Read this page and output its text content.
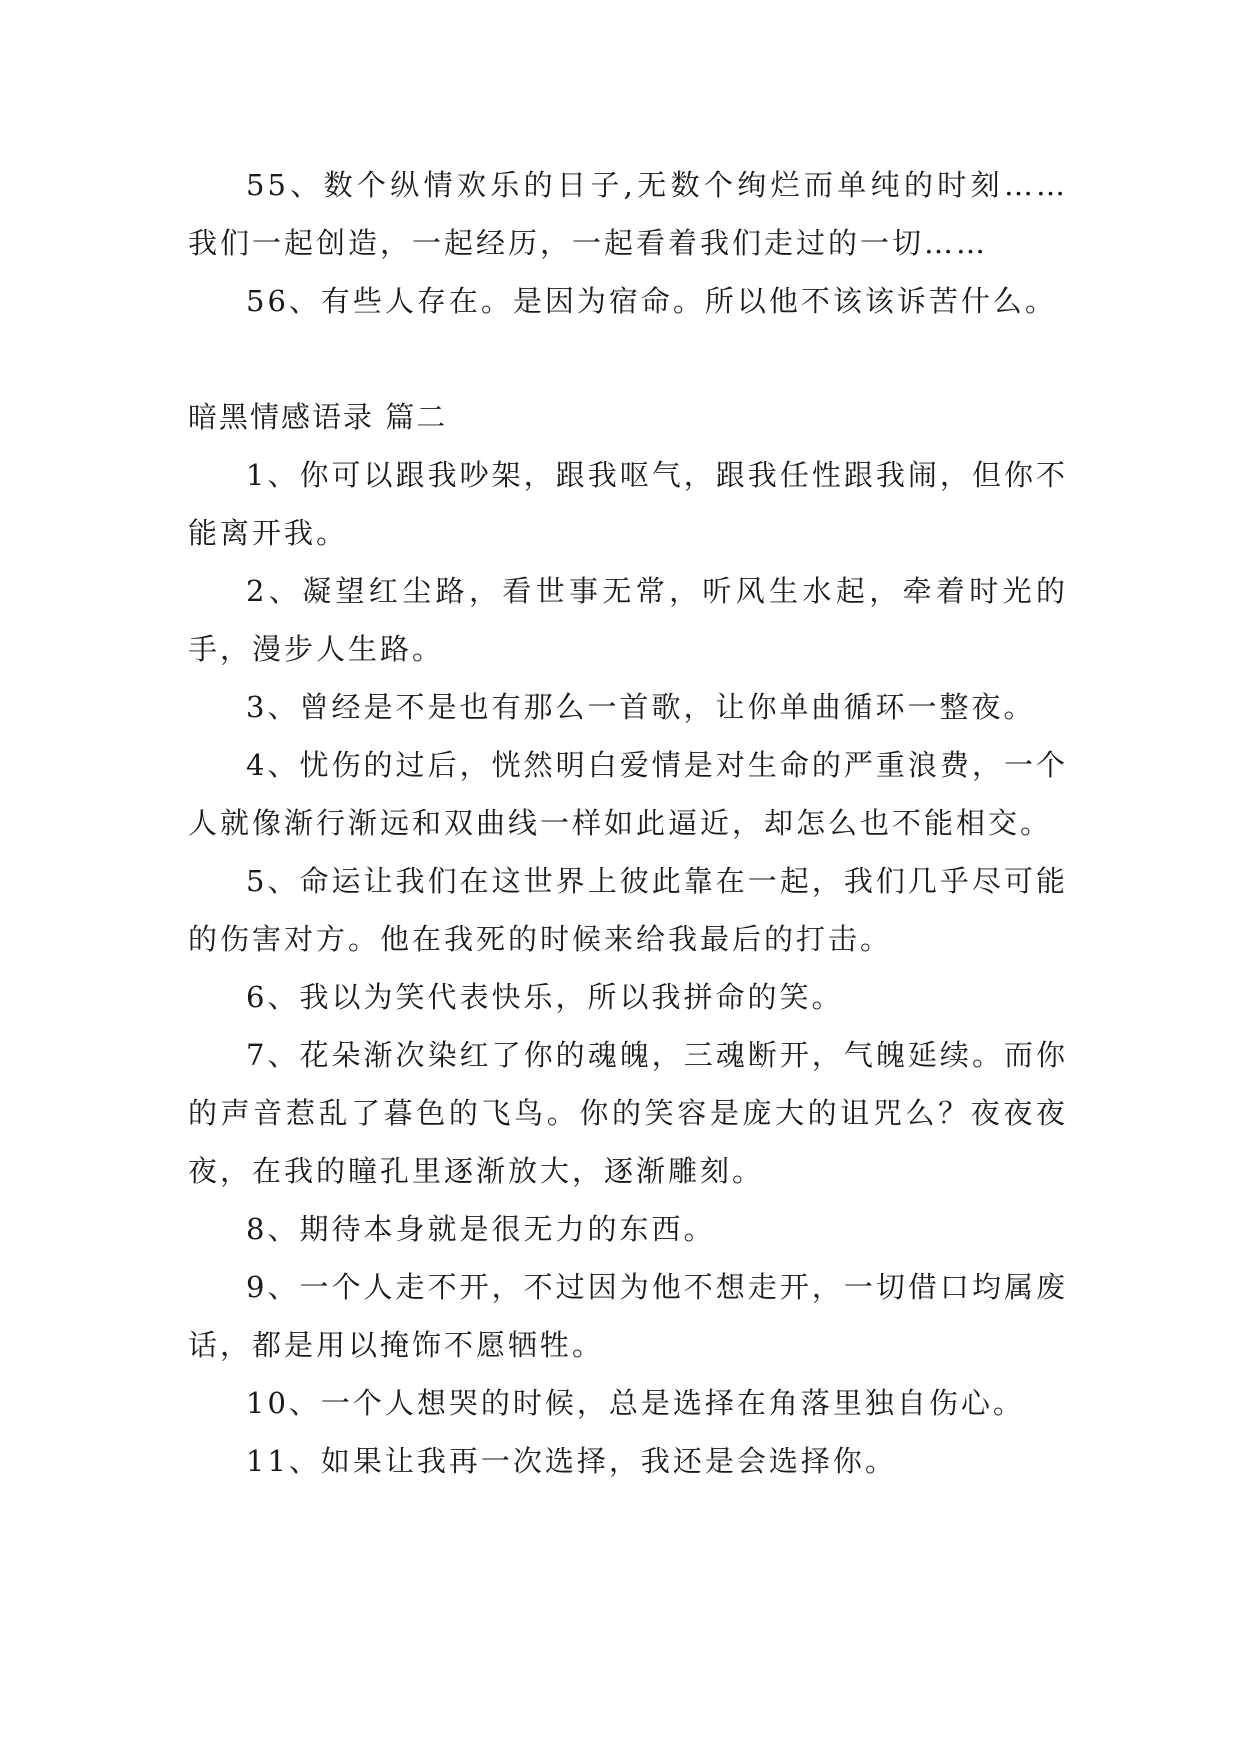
55、数个纵情欢乐的日子,无数个绚烂而单纯的时刻……我们一起创造，一起经历，一起看着我们走过的一切……

56、有些人存在。是因为宿命。所以他不该该诉苦什么。

暗黑情感语录 篇二

1、你可以跟我吵架，跟我呕气，跟我任性跟我闹，但你不能离开我。

2、凝望红尘路，看世事无常，听风生水起，牵着时光的手，漫步人生路。

3、曾经是不是也有那么一首歌，让你单曲循环一整夜。

4、忧伤的过后，恍然明白爱情是对生命的严重浪费，一个人就像渐行渐远和双曲线一样如此逼近，却怎么也不能相交。

5、命运让我们在这世界上彼此靠在一起，我们几乎尽可能的伤害对方。他在我死的时候来给我最后的打击。

6、我以为笑代表快乐，所以我拼命的笑。

7、花朵渐次染红了你的魂魄，三魂断开，气魄延续。而你的声音惹乱了暮色的飞鸟。你的笑容是庞大的诅咒么？夜夜夜夜，在我的瞳孔里逐渐放大，逐渐雕刻。

8、期待本身就是很无力的东西。

9、一个人走不开，不过因为他不想走开，一切借口均属废话，都是用以掩饰不愿牺牲。

10、一个人想哭的时候，总是选择在角落里独自伤心。

11、如果让我再一次选择，我还是会选择你。
